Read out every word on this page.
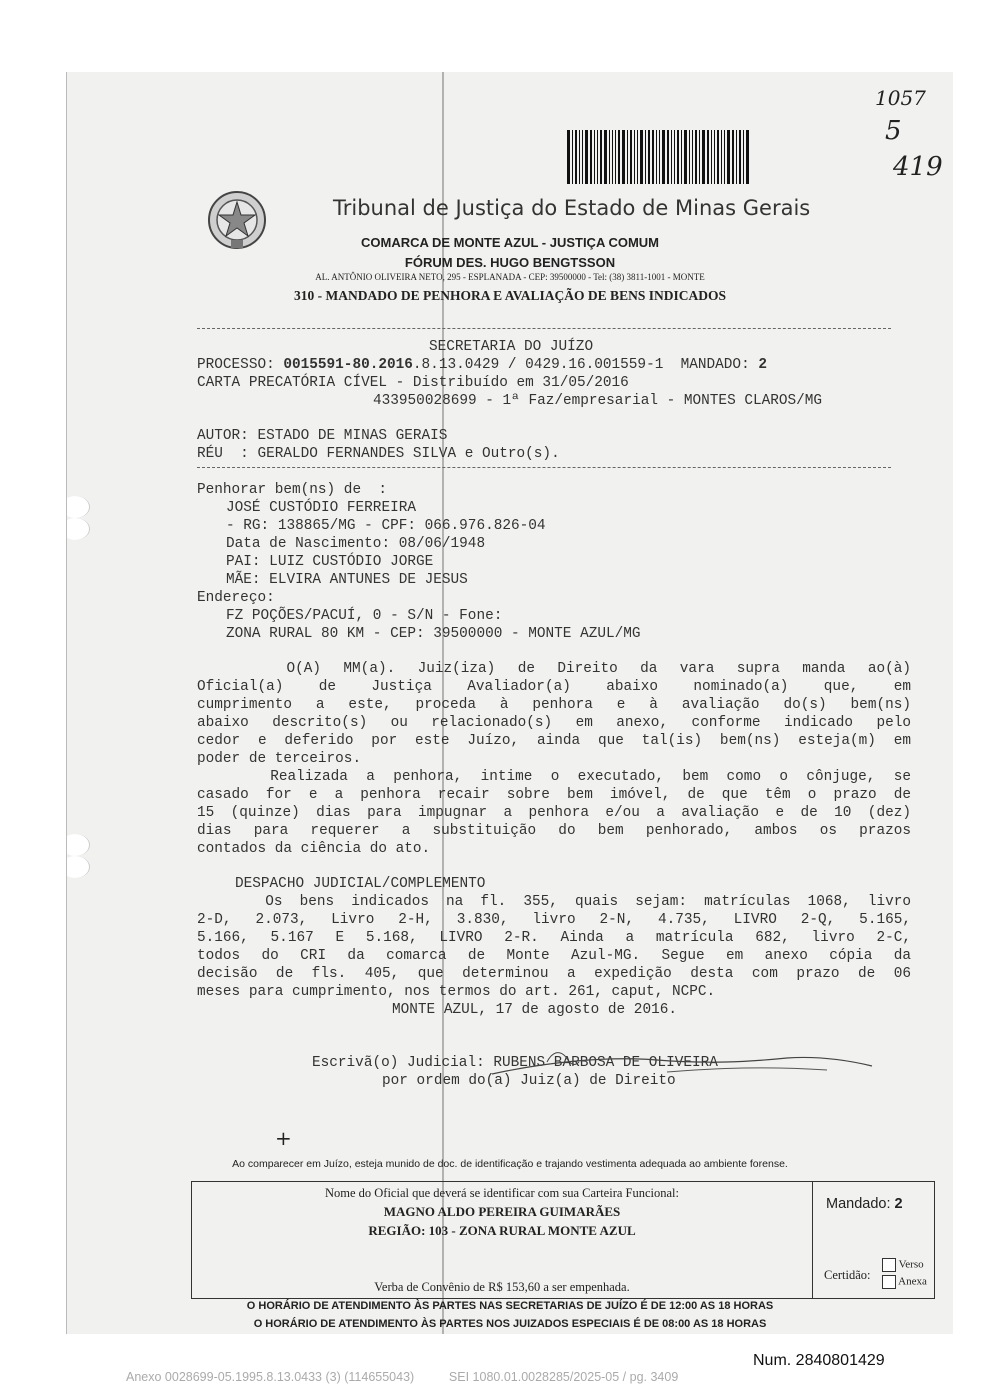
1057
5
419
Tribunal de Justiça do Estado de Minas Gerais
COMARCA DE MONTE AZUL - JUSTIÇA COMUM
FÓRUM DES. HUGO BENGTSSON
AL. ANTÔNIO OLIVEIRA NETO, 295 - ESPLANADA - CEP: 39500000 - Tel: (38) 3811-1001 - MONTE
310 - MANDADO DE PENHORA E AVALIAÇÃO DE BENS INDICADOS
SECRETARIA DO JUÍZO
PROCESSO: 0015591-80.2016.8.13.0429 / 0429.16.001559-1  MANDADO: 2
CARTA PRECATÓRIA CÍVEL - Distribuído em 31/05/2016
433950028699 - 1ª Faz/empresarial - MONTES CLAROS/MG
AUTOR: ESTADO DE MINAS GERAIS
RÉU  : GERALDO FERNANDES SILVA e Outro(s).
Penhorar bem(ns) de  :
JOSÉ CUSTÓDIO FERREIRA
- RG: 138865/MG - CPF: 066.976.826-04
Data de Nascimento: 08/06/1948
PAI: LUIZ CUSTÓDIO JORGE
MÃE: ELVIRA ANTUNES DE JESUS
Endereço:
FZ POÇÕES/PACUÍ, 0 - S/N - Fone:
ZONA RURAL 80 KM - CEP: 39500000 - MONTE AZUL/MG
O(A) MM(a). Juiz(iza) de Direito da vara supra manda ao(à)
Oficial(a) de Justiça Avaliador(a) abaixo nominado(a) que, em
cumprimento a este, proceda à penhora e à avaliação do(s) bem(ns)
abaixo descrito(s) ou relacionado(s) em anexo, conforme indicado pelo
cedor e deferido por este Juízo, ainda que tal(is) bem(ns) esteja(m) em
poder de terceiros.
Realizada a penhora, intime o executado, bem como o cônjuge, se
casado for e a penhora recair sobre bem imóvel, de que têm o prazo de
15 (quinze) dias para impugnar a penhora e/ou a avaliação e de 10 (dez)
dias para requerer a substituição do bem penhorado, ambos os prazos
contados da ciência do ato.
DESPACHO JUDICIAL/COMPLEMENTO
Os bens indicados na fl. 355, quais sejam: matrículas 1068, livro
2-D, 2.073, Livro 2-H, 3.830, livro 2-N, 4.735, LIVRO 2-Q, 5.165,
5.166, 5.167 E 5.168, LIVRO 2-R. Ainda a matrícula 682, livro 2-C,
todos do CRI da comarca de Monte Azul-MG. Segue em anexo cópia da
decisão de fls. 405, que determinou a expedição desta com prazo de 06
meses para cumprimento, nos termos do art. 261, caput, NCPC.
MONTE AZUL, 17 de agosto de 2016.
Escrivã(o) Judicial: RUBENS BARBOSA DE OLIVEIRA
por ordem do(a) Juiz(a) de Direito
+
Ao comparecer em Juízo, esteja munido de doc. de identificação e trajando vestimenta adequada ao ambiente forense.
Nome do Oficial que deverá se identificar com sua Carteira Funcional:
MAGNO ALDO PEREIRA GUIMARÃES
REGIÃO: 103 - ZONA RURAL MONTE AZUL
Verba de Convênio de R$ 153,60 a ser empenhada.
Mandado: 2
Certidão:
Verso
Anexa
O HORÁRIO DE ATENDIMENTO ÀS PARTES NAS SECRETARIAS DE JUÍZO É DE 12:00 AS 18 HORAS
O HORÁRIO DE ATENDIMENTO ÀS PARTES NOS JUIZADOS ESPECIAIS É DE 08:00 AS 18 HORAS
Num. 2840801429
Anexo 0028699-05.1995.8.13.0433 (3) (114655043)          SEI 1080.01.0028285/2025-05 / pg. 3409
